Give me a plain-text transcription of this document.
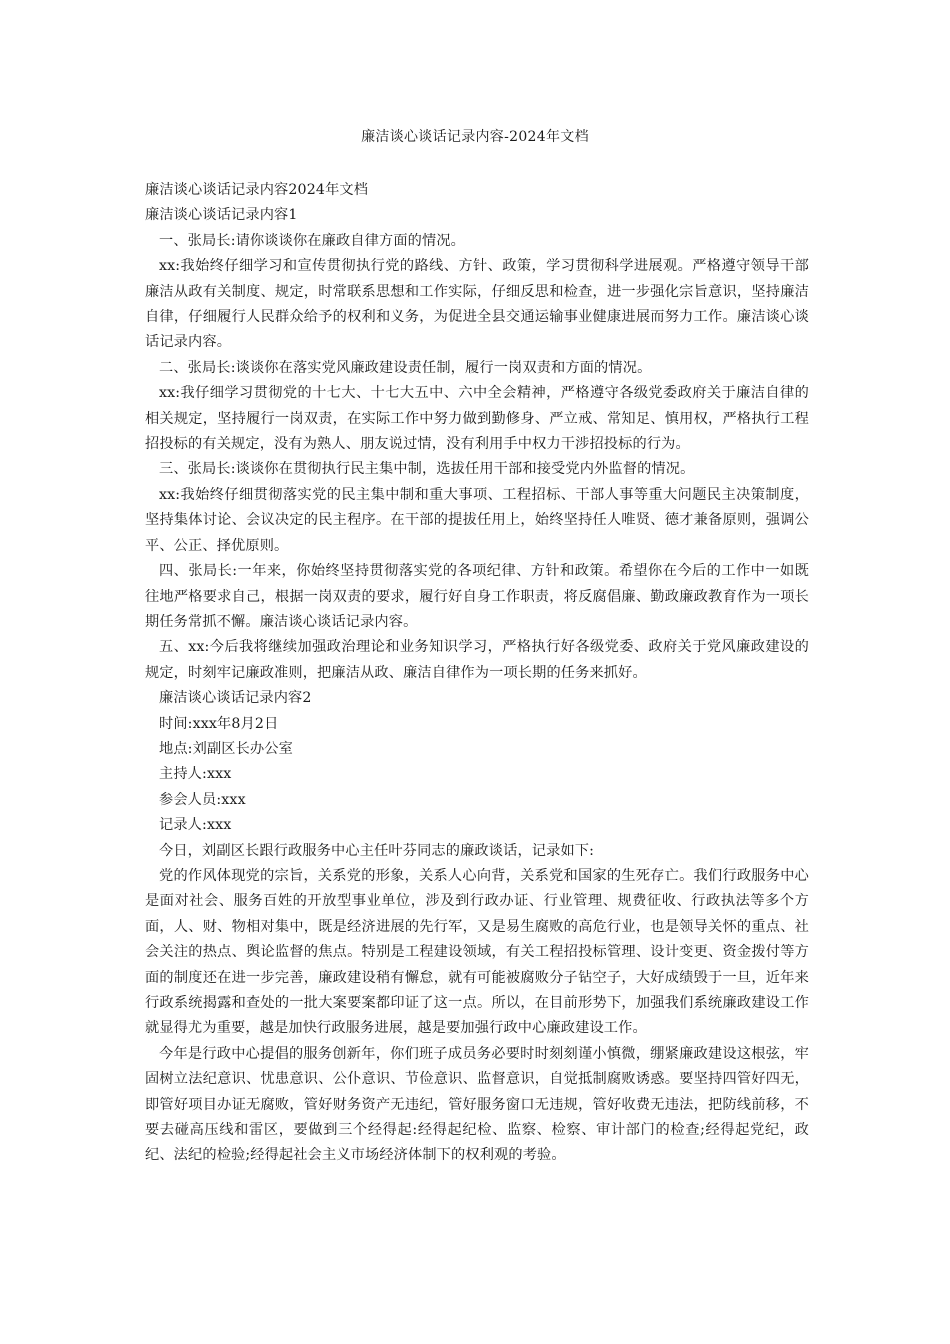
廉洁谈心谈话记录内容-2024年文档

廉洁谈心谈话记录内容2024年文档

廉洁谈心谈话记录内容1

一、张局长:请你谈谈你在廉政自律方面的情况。

xx:我始终仔细学习和宣传贯彻执行党的路线、方针、政策，学习贯彻科学进展观。严格遵守领导干部廉洁从政有关制度、规定，时常联系思想和工作实际，仔细反思和检查，进一步强化宗旨意识，坚持廉洁自律，仔细履行人民群众给予的权利和义务，为促进全县交通运输事业健康进展而努力工作。廉洁谈心谈话记录内容。

二、张局长:谈谈你在落实党风廉政建设责任制，履行一岗双责和方面的情况。

xx:我仔细学习贯彻党的十七大、十七大五中、六中全会精神，严格遵守各级党委政府关于廉洁自律的相关规定，坚持履行一岗双责，在实际工作中努力做到勤修身、严立戒、常知足、慎用权，严格执行工程招投标的有关规定，没有为熟人、朋友说过情，没有利用手中权力干涉招投标的行为。

三、张局长:谈谈你在贯彻执行民主集中制，选拔任用干部和接受党内外监督的情况。

xx:我始终仔细贯彻落实党的民主集中制和重大事项、工程招标、干部人事等重大问题民主决策制度，坚持集体讨论、会议决定的民主程序。在干部的提拔任用上，始终坚持任人唯贤、德才兼备原则，强调公平、公正、择优原则。

四、张局长:一年来，你始终坚持贯彻落实党的各项纪律、方针和政策。希望你在今后的工作中一如既往地严格要求自己，根据一岗双责的要求，履行好自身工作职责，将反腐倡廉、勤政廉政教育作为一项长期任务常抓不懈。廉洁谈心谈话记录内容。

五、xx:今后我将继续加强政治理论和业务知识学习，严格执行好各级党委、政府关于党风廉政建设的规定，时刻牢记廉政准则，把廉洁从政、廉洁自律作为一项长期的任务来抓好。

廉洁谈心谈话记录内容2

时间:xxx年8月2日

地点:刘副区长办公室

主持人:xxx

参会人员:xxx

记录人:xxx

今日，刘副区长跟行政服务中心主任叶芬同志的廉政谈话，记录如下:

党的作风体现党的宗旨，关系党的形象，关系人心向背，关系党和国家的生死存亡。我们行政服务中心是面对社会、服务百姓的开放型事业单位，涉及到行政办证、行业管理、规费征收、行政执法等多个方面，人、财、物相对集中，既是经济进展的先行军，又是易生腐败的高危行业，也是领导关怀的重点、社会关注的热点、舆论监督的焦点。特别是工程建设领域，有关工程招投标管理、设计变更、资金拨付等方面的制度还在进一步完善，廉政建设稍有懈怠，就有可能被腐败分子钻空子，大好成绩毁于一旦，近年来行政系统揭露和查处的一批大案要案都印证了这一点。所以，在目前形势下，加强我们系统廉政建设工作就显得尤为重要，越是加快行政服务进展，越是要加强行政中心廉政建设工作。

今年是行政中心提倡的服务创新年，你们班子成员务必要时时刻刻谨小慎微，绷紧廉政建设这根弦，牢固树立法纪意识、忧患意识、公仆意识、节俭意识、监督意识，自觉抵制腐败诱惑。要坚持四管好四无，即管好项目办证无腐败，管好财务资产无违纪，管好服务窗口无违规，管好收费无违法，把防线前移，不要去碰高压线和雷区，要做到三个经得起:经得起纪检、监察、检察、审计部门的检查;经得起党纪，政纪、法纪的检验;经得起社会主义市场经济体制下的权利观的考验。
